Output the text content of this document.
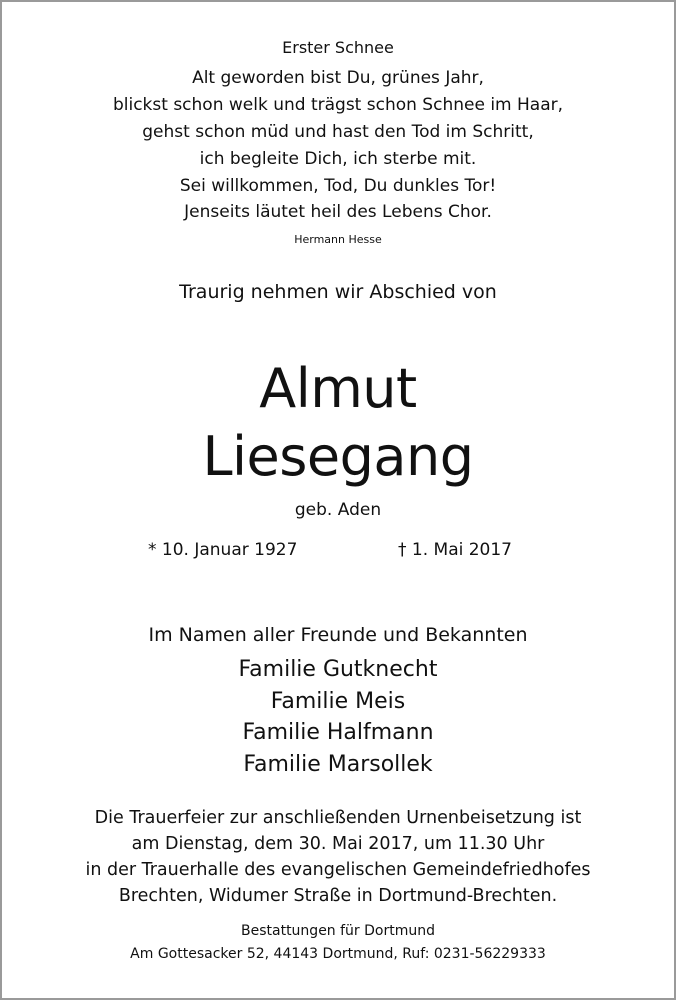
Erster Schnee
Alt geworden bist Du, grünes Jahr,
blickst schon welk und trägst schon Schnee im Haar,
gehst schon müd und hast den Tod im Schritt,
ich begleite Dich, ich sterbe mit.
Sei willkommen, Tod, Du dunkles Tor!
Jenseits läutet heil des Lebens Chor.
Hermann Hesse
Traurig nehmen wir Abschied von
Almut
Liesegang
geb. Aden
* 10. Januar 1927	† 1. Mai 2017
Im Namen aller Freunde und Bekannten
Familie Gutknecht
Familie Meis
Familie Halfmann
Familie Marsollek
Die Trauerfeier zur anschließenden Urnenbeisetzung ist
am Dienstag, dem 30. Mai 2017, um 11.30 Uhr
in der Trauerhalle des evangelischen Gemeindefriedhofes
Brechten, Widumer Straße in Dortmund-Brechten.
Bestattungen für Dortmund
Am Gottesacker 52, 44143 Dortmund, Ruf: 0231-56229333
